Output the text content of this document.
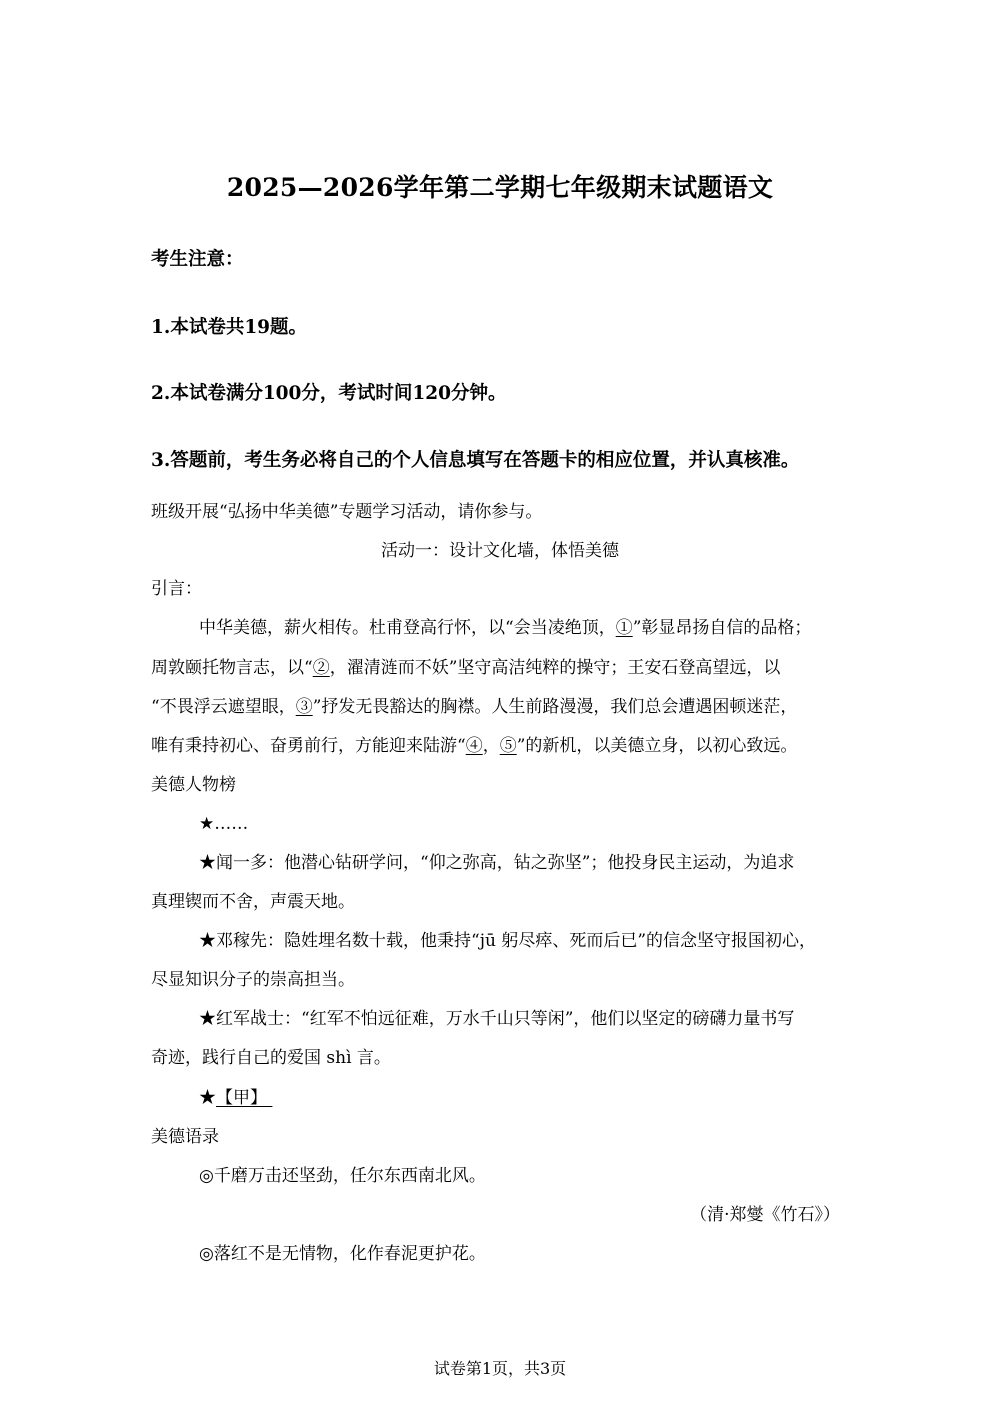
2025—2026学年第二学期七年级期末试题语文
考生注意：
1.本试卷共19题。
2.本试卷满分100分，考试时间120分钟。
3.答题前，考生务必将自己的个人信息填写在答题卡的相应位置，并认真核准。
班级开展“弘扬中华美德”专题学习活动，请你参与。
活动一：设计文化墙，体悟美德
引言：
中华美德，薪火相传。杜甫登高行怀，以“会当凌绝顶，①”彰显昂扬自信的品格；
周敦颐托物言志，以“②，濯清涟而不妖”坚守高洁纯粹的操守；王安石登高望远，以
“不畏浮云遮望眼，③”抒发无畏豁达的胸襟。人生前路漫漫，我们总会遭遇困顿迷茫，
唯有秉持初心、奋勇前行，方能迎来陆游“④，⑤”的新机，以美德立身，以初心致远。
美德人物榜
★……
★闻一多：他潜心钻研学问，“仰之弥高，钻之弥坚”；他投身民主运动，为追求
真理锲而不舍，声震天地。
★邓稼先：隐姓埋名数十载，他秉持“jū 躬尽瘁、死而后已”的信念坚守报国初心，
尽显知识分子的崇高担当。
★红军战士：“红军不怕远征难，万水千山只等闲”，他们以坚定的磅礴力量书写
奇迹，践行自己的爱国 shì 言。
★【甲】
美德语录
◎千磨万击还坚劲，任尔东西南北风。
（清·郑燮《竹石》）
◎落红不是无情物，化作春泥更护花。
试卷第1页，共3页
